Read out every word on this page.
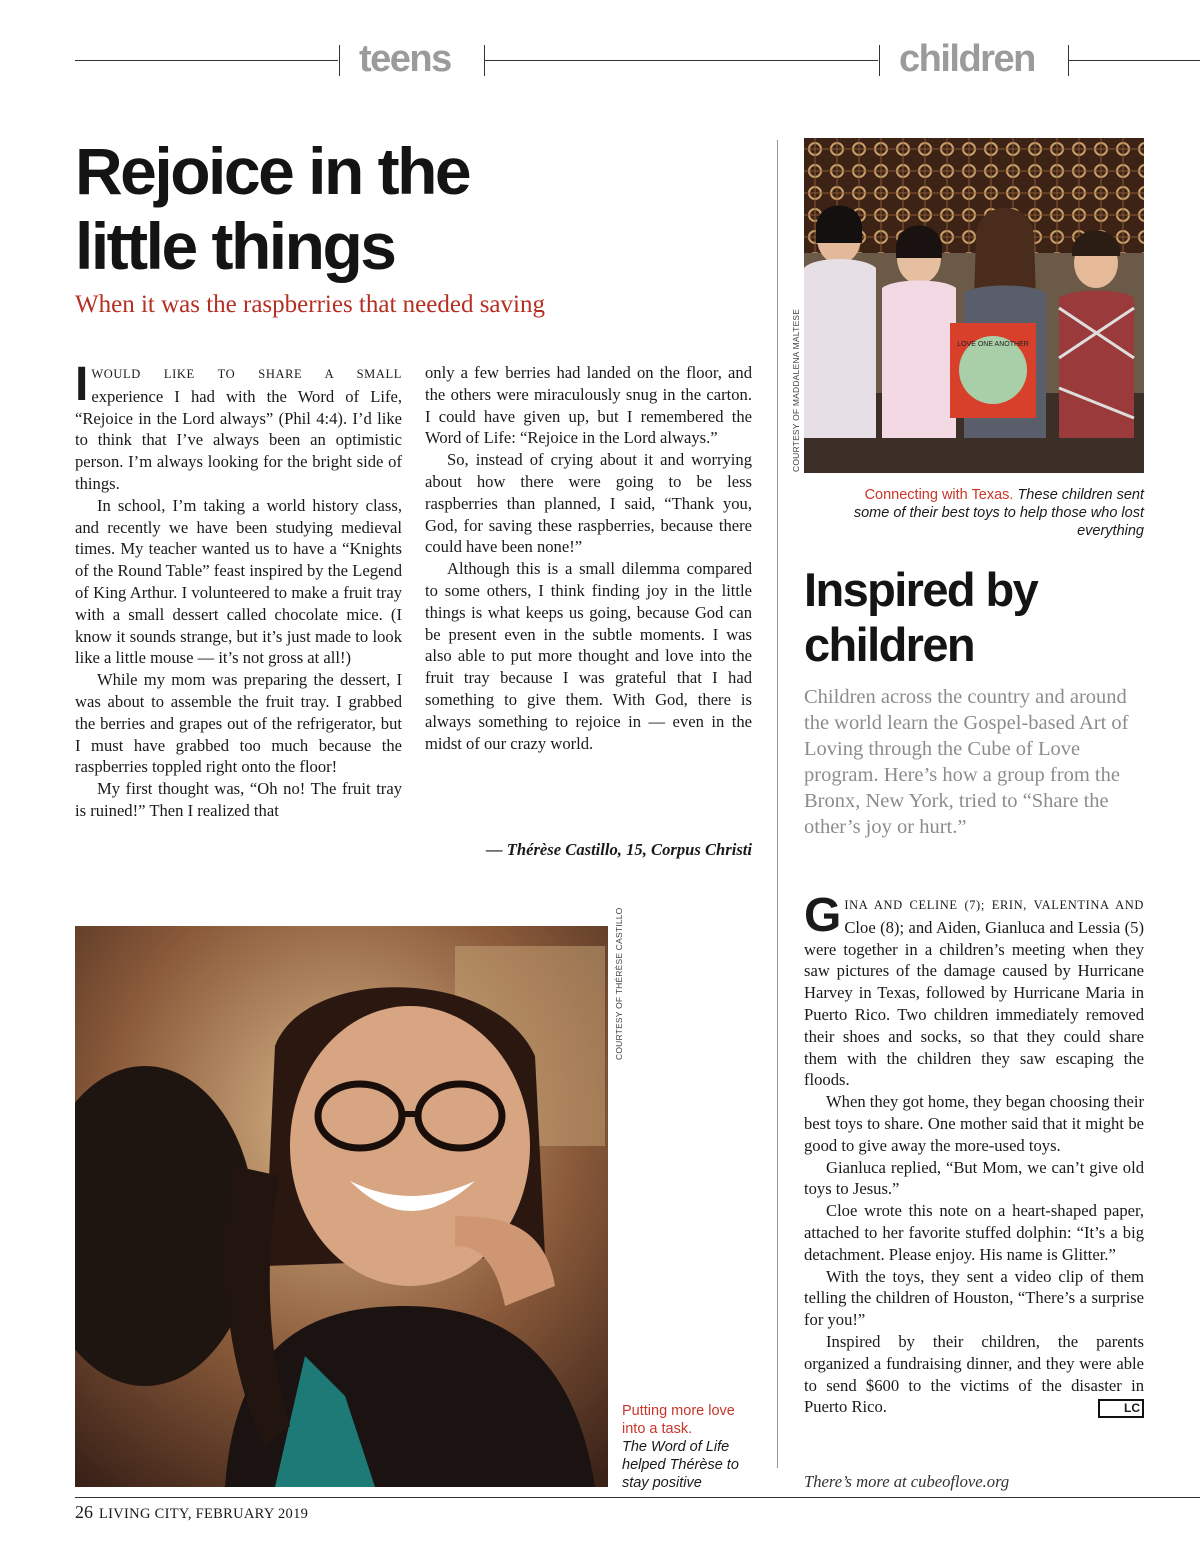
teens	children
Rejoice in the
little things
When it was the raspberries that needed saving

IWOULD LIKE TO SHARE A SMALL experience I had with the Word of Life, “Rejoice in the Lord always” (Phil 4:4). I’d like to think that I’ve always been an optimistic person. I’m always looking for the bright side of things.

In school, I’m taking a world history class, and recently we have been studying medieval times. My teacher wanted us to have a “Knights of the Round Table” feast inspired by the Legend of King Arthur. I volunteered to make a fruit tray with a small dessert called chocolate mice. (I know it sounds strange, but it’s just made to look like a little mouse — it’s not gross at all!)

While my mom was preparing the dessert, I was about to assemble the fruit tray. I grabbed the berries and grapes out of the refrigerator, but I must have grabbed too much because the raspberries toppled right onto the floor!

My first thought was, “Oh no! The fruit tray is ruined!” Then I realized that

only a few berries had landed on the floor, and the others were miraculously snug in the carton. I could have given up, but I remembered the Word of Life: “Rejoice in the Lord always.”

So, instead of crying about it and worrying about how there were going to be less raspberries than planned, I said, “Thank you, God, for saving these raspberries, because there could have been none!”

Although this is a small dilemma compared to some others, I think finding joy in the little things is what keeps us going, because God can be present even in the subtle moments. I was also able to put more thought and love into the fruit tray because I was grateful that I had something to give them. With God, there is always something to rejoice in — even in the midst of our crazy world.

— Thérèse Castillo, 15, Corpus Christi
COURTESY OF THÉRÈSE CASTILLO
Putting more love into a task.
The Word of Life helped Thérèse to stay positive
LOVE ONE ANOTHER
COURTESY OF MADDALENA MALTESE
Connecting with Texas. These children sent some of their best toys to help those who lost everything
Inspired by
children
Children across the country and around the world learn the Gospel-based Art of Loving through the Cube of Love program. Here’s how a group from the Bronx, New York, tried to “Share the other’s joy or hurt.”

GINA AND CELINE (7); ERIN, VALENTINA AND Cloe (8); and Aiden, Gianluca and Lessia (5) were together in a children’s meeting when they saw pictures of the damage caused by Hurricane Harvey in Texas, followed by Hurricane Maria in Puerto Rico. Two children immediately removed their shoes and socks, so that they could share them with the children they saw escaping the floods.

When they got home, they began choosing their best toys to share. One mother said that it might be good to give away the more-used toys.

Gianluca replied, “But Mom, we can’t give old toys to Jesus.”

Cloe wrote this note on a heart-shaped paper, attached to her favorite stuffed dolphin: “It’s a big detachment. Please enjoy. His name is Glitter.”

With the toys, they sent a video clip of them telling the children of Houston, “There’s a surprise for you!”

Inspired by their children, the parents organized a fundraising dinner, and they were able to send $600 to the victims of the disaster in Puerto Rico.	LC

There’s more at cubeoflove.org
26 LIVING CITY, FEBRUARY 2019
